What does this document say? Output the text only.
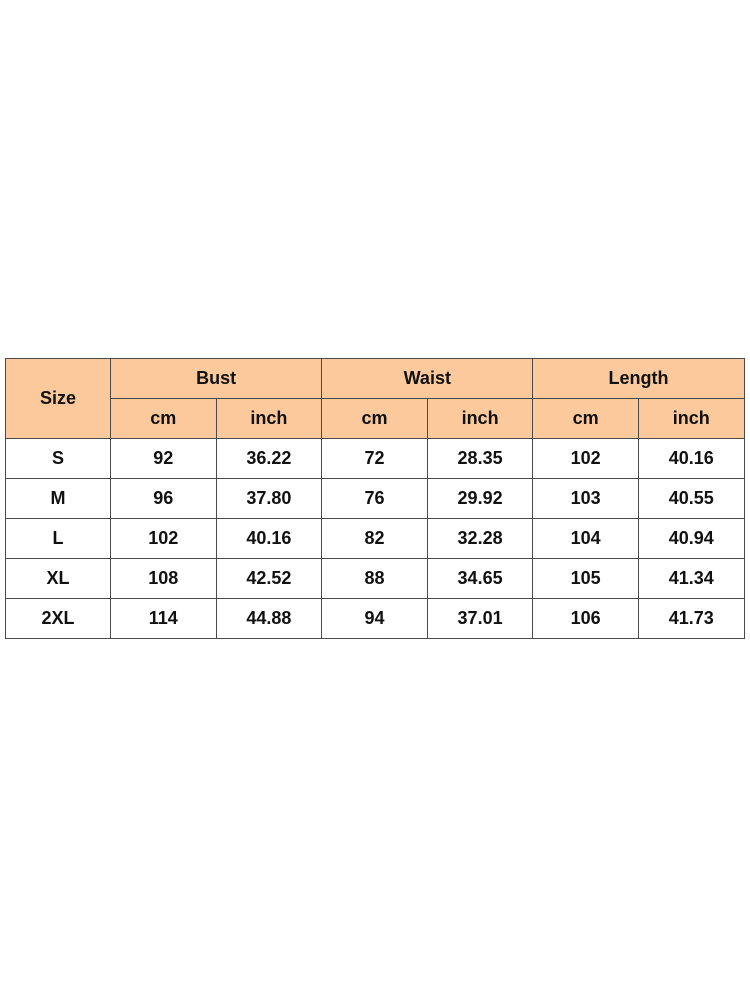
Size	Bust		Waist		Length	
	cm	inch	cm	inch	cm	inch
S	92	36.22	72	28.35	102	40.16
M	96	37.80	76	29.92	103	40.55
L	102	40.16	82	32.28	104	40.94
XL	108	42.52	88	34.65	105	41.34
2XL	114	44.88	94	37.01	106	41.73
